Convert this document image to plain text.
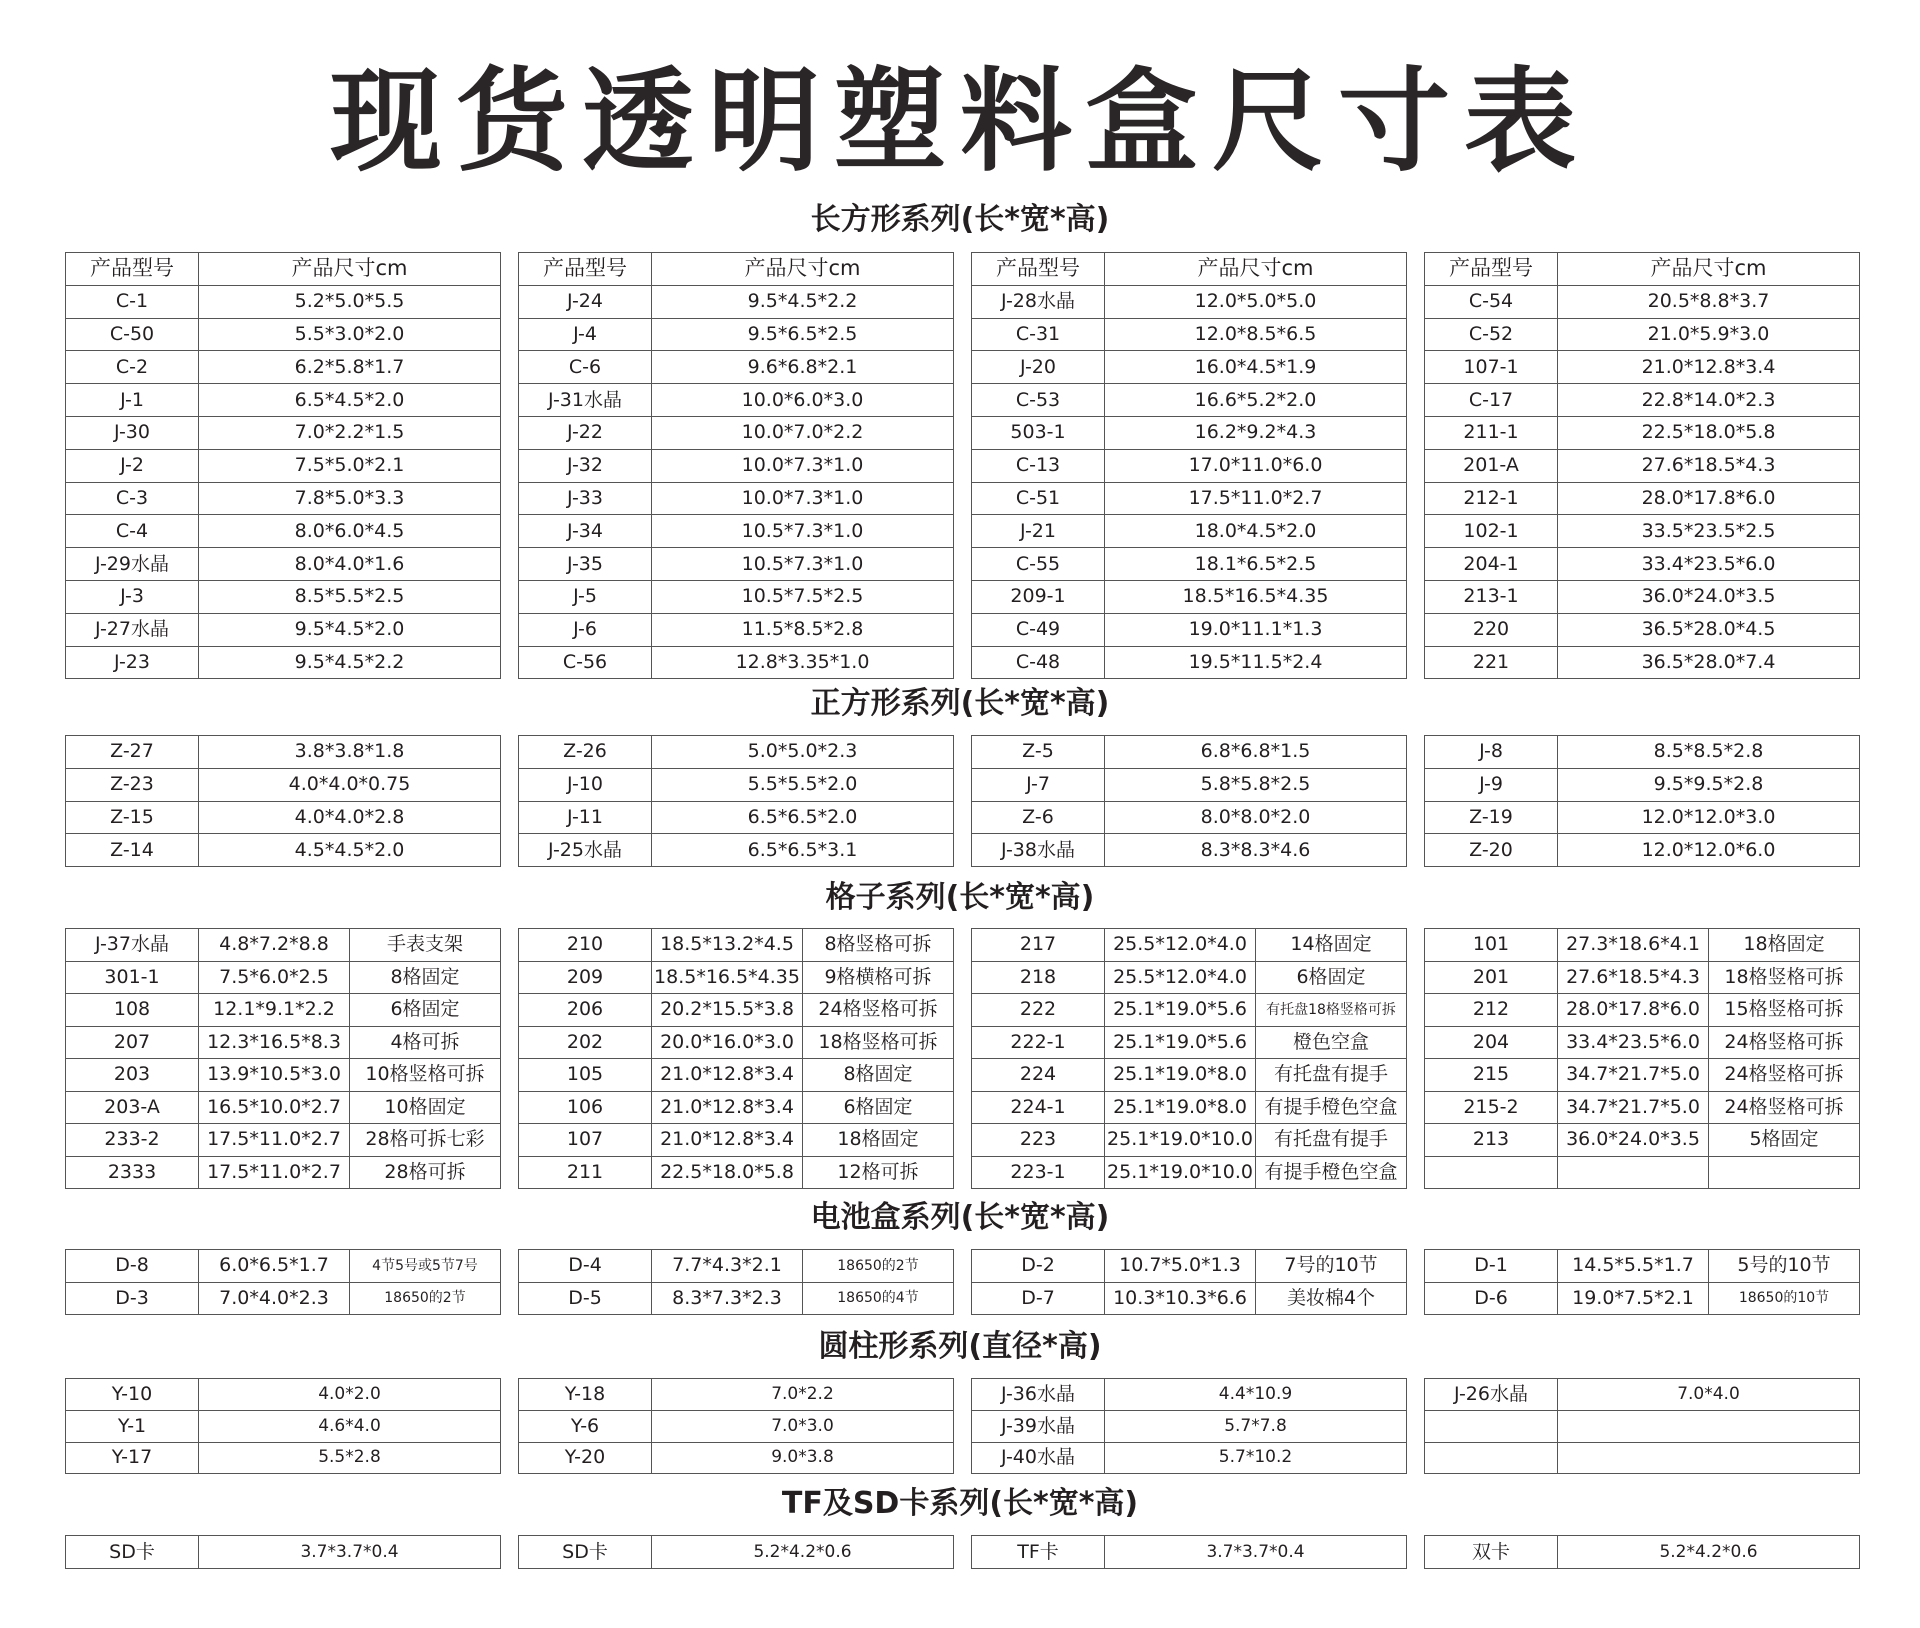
现货透明塑料盒尺寸表
长方形系列(长*宽*高)
产品型号	产品尺寸cm
C-1	5.2*5.0*5.5
C-50	5.5*3.0*2.0
C-2	6.2*5.8*1.7
J-1	6.5*4.5*2.0
J-30	7.0*2.2*1.5
J-2	7.5*5.0*2.1
C-3	7.8*5.0*3.3
C-4	8.0*6.0*4.5
J-29水晶	8.0*4.0*1.6
J-3	8.5*5.5*2.5
J-27水晶	9.5*4.5*2.0
J-23	9.5*4.5*2.2
产品型号	产品尺寸cm
J-24	9.5*4.5*2.2
J-4	9.5*6.5*2.5
C-6	9.6*6.8*2.1
J-31水晶	10.0*6.0*3.0
J-22	10.0*7.0*2.2
J-32	10.0*7.3*1.0
J-33	10.0*7.3*1.0
J-34	10.5*7.3*1.0
J-35	10.5*7.3*1.0
J-5	10.5*7.5*2.5
J-6	11.5*8.5*2.8
C-56	12.8*3.35*1.0
产品型号	产品尺寸cm
J-28水晶	12.0*5.0*5.0
C-31	12.0*8.5*6.5
J-20	16.0*4.5*1.9
C-53	16.6*5.2*2.0
503-1	16.2*9.2*4.3
C-13	17.0*11.0*6.0
C-51	17.5*11.0*2.7
J-21	18.0*4.5*2.0
C-55	18.1*6.5*2.5
209-1	18.5*16.5*4.35
C-49	19.0*11.1*1.3
C-48	19.5*11.5*2.4
产品型号	产品尺寸cm
C-54	20.5*8.8*3.7
C-52	21.0*5.9*3.0
107-1	21.0*12.8*3.4
C-17	22.8*14.0*2.3
211-1	22.5*18.0*5.8
201-A	27.6*18.5*4.3
212-1	28.0*17.8*6.0
102-1	33.5*23.5*2.5
204-1	33.4*23.5*6.0
213-1	36.0*24.0*3.5
220	36.5*28.0*4.5
221	36.5*28.0*7.4
正方形系列(长*宽*高)
Z-27	3.8*3.8*1.8
Z-23	4.0*4.0*0.75
Z-15	4.0*4.0*2.8
Z-14	4.5*4.5*2.0
Z-26	5.0*5.0*2.3
J-10	5.5*5.5*2.0
J-11	6.5*6.5*2.0
J-25水晶	6.5*6.5*3.1
Z-5	6.8*6.8*1.5
J-7	5.8*5.8*2.5
Z-6	8.0*8.0*2.0
J-38水晶	8.3*8.3*4.6
J-8	8.5*8.5*2.8
J-9	9.5*9.5*2.8
Z-19	12.0*12.0*3.0
Z-20	12.0*12.0*6.0
格子系列(长*宽*高)
J-37水晶	4.8*7.2*8.8	手表支架
301-1	7.5*6.0*2.5	8格固定
108	12.1*9.1*2.2	6格固定
207	12.3*16.5*8.3	4格可拆
203	13.9*10.5*3.0	10格竖格可拆
203-A	16.5*10.0*2.7	10格固定
233-2	17.5*11.0*2.7	28格可拆七彩
2333	17.5*11.0*2.7	28格可拆
210	18.5*13.2*4.5	8格竖格可拆
209	18.5*16.5*4.35	9格横格可拆
206	20.2*15.5*3.8	24格竖格可拆
202	20.0*16.0*3.0	18格竖格可拆
105	21.0*12.8*3.4	8格固定
106	21.0*12.8*3.4	6格固定
107	21.0*12.8*3.4	18格固定
211	22.5*18.0*5.8	12格可拆
217	25.5*12.0*4.0	14格固定
218	25.5*12.0*4.0	6格固定
222	25.1*19.0*5.6	有托盘18格竖格可拆
222-1	25.1*19.0*5.6	橙色空盒
224	25.1*19.0*8.0	有托盘有提手
224-1	25.1*19.0*8.0	有提手橙色空盒
223	25.1*19.0*10.0	有托盘有提手
223-1	25.1*19.0*10.0	有提手橙色空盒
101	27.3*18.6*4.1	18格固定
201	27.6*18.5*4.3	18格竖格可拆
212	28.0*17.8*6.0	15格竖格可拆
204	33.4*23.5*6.0	24格竖格可拆
215	34.7*21.7*5.0	24格竖格可拆
215-2	34.7*21.7*5.0	24格竖格可拆
213	36.0*24.0*3.5	5格固定

电池盒系列(长*宽*高)
D-8	6.0*6.5*1.7	4节5号或5节7号
D-3	7.0*4.0*2.3	18650的2节
D-4	7.7*4.3*2.1	18650的2节
D-5	8.3*7.3*2.3	18650的4节
D-2	10.7*5.0*1.3	7号的10节
D-7	10.3*10.3*6.6	美妆棉4个
D-1	14.5*5.5*1.7	5号的10节
D-6	19.0*7.5*2.1	18650的10节
圆柱形系列(直径*高)
Y-10	4.0*2.0
Y-1	4.6*4.0
Y-17	5.5*2.8
Y-18	7.0*2.2
Y-6	7.0*3.0
Y-20	9.0*3.8
J-36水晶	4.4*10.9
J-39水晶	5.7*7.8
J-40水晶	5.7*10.2
J-26水晶	7.0*4.0

TF及SD卡系列(长*宽*高)
SD卡	3.7*3.7*0.4	SD卡	5.2*4.2*0.6	TF卡	3.7*3.7*0.4	双卡	5.2*4.2*0.6
